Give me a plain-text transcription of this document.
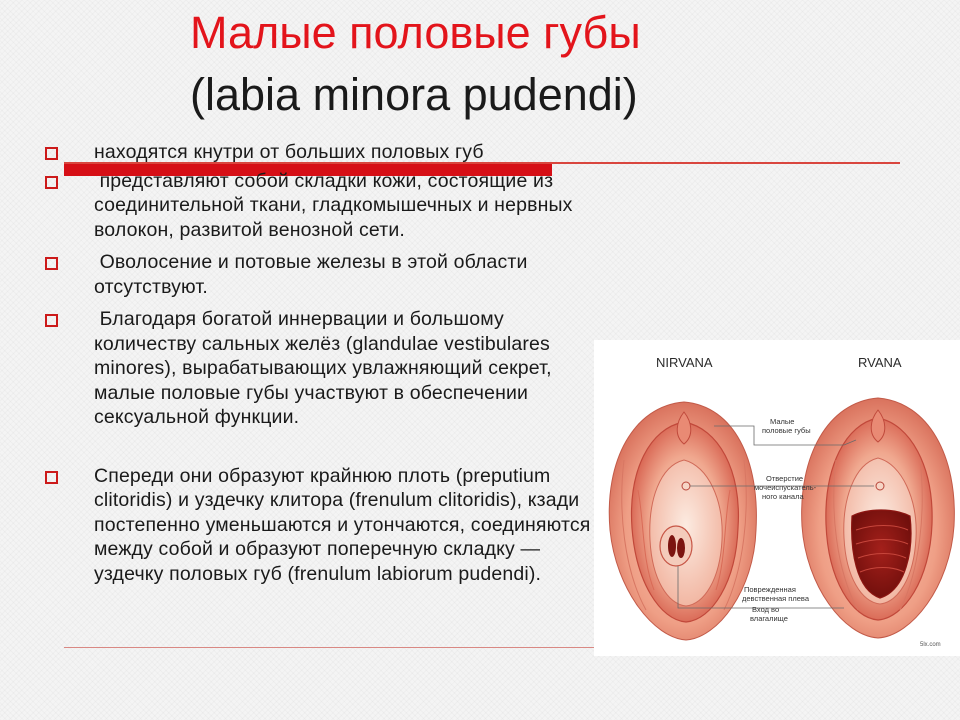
Малые половые губы
(labia minora pudendi)
находятся кнутри от больших половых губ
представляют собой складки кожи, состоящие из соединительной ткани, гладкомышечных и нервных волокон, развитой венозной сети.
Оволосение и потовые железы в этой области отсутствуют.
Благодаря богатой иннервации и большому количеству сальных желёз (glandulae vestibulares minores), вырабатывающих увлажняющий секрет, малые половые губы участвуют в обеспечении сексуальной функции.
Спереди они образуют крайнюю плоть (preputium clitoridis) и уздечку клитора (frenulum clitoridis), кзади постепенно уменьшаются и утончаются, соединяются между собой и образуют поперечную складку — уздечку половых губ (frenulum labiorum pudendi).
NIRVANA	RVANA
Малые
половые губы
Отверстие
мочеиспускатель-
ного канала
Поврежденная
девственная плева
Вход во
влагалище
5lx.com
